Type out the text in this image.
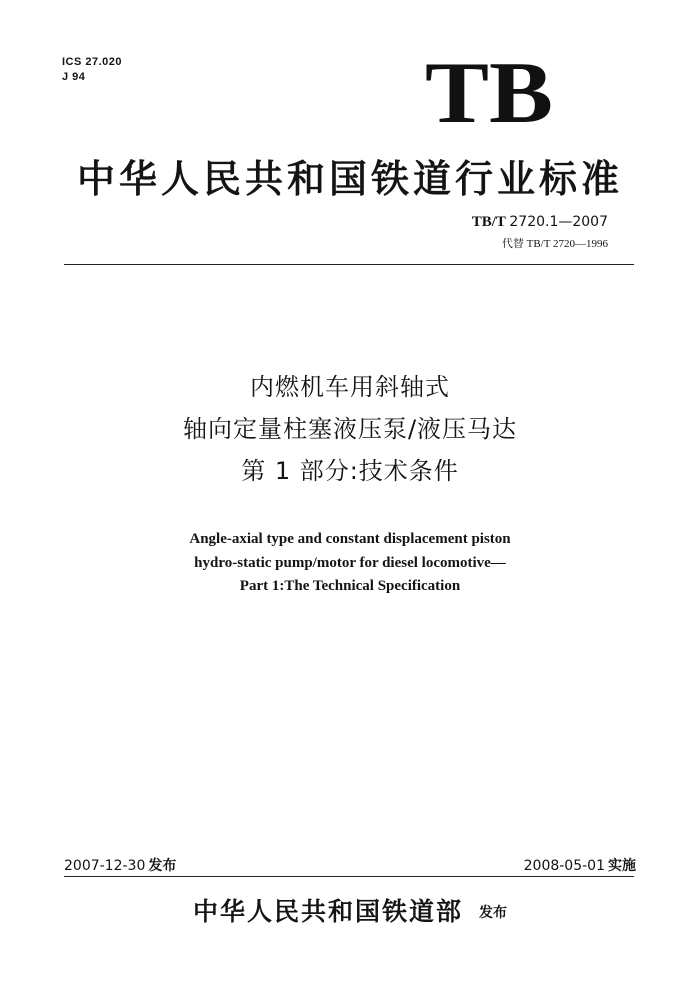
ICS 27.020
J 94	TB
中华人民共和国铁道行业标准
TB/T 2720.1—2007
代替 TB/T 2720—1996
内燃机车用斜轴式
轴向定量柱塞液压泵/液压马达
第 1 部分:技术条件
Angle-axial type and constant displacement piston
hydro-static pump/motor for diesel locomotive—
Part 1:The Technical Specification
2007-12-30 发布	2008-05-01 实施
中华人民共和国铁道部 发布
